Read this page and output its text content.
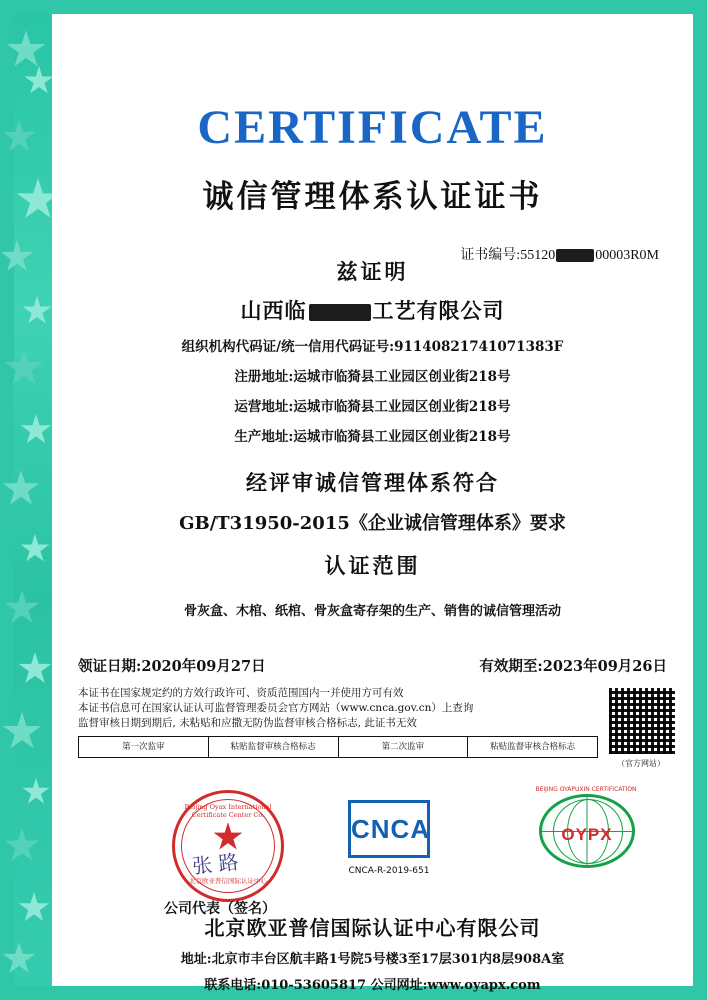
CERTIFICATE
诚信管理体系认证证书
证书编号:55120	00003R0M
兹证明
山西临	工艺有限公司
组织机构代码证/统一信用代码证号:91140821741071383F
注册地址:运城市临猗县工业园区创业街218号
运营地址:运城市临猗县工业园区创业街218号
生产地址:运城市临猗县工业园区创业街218号
经评审诚信管理体系符合
GB/T31950-2015《企业诚信管理体系》要求
认证范围
骨灰盒、木棺、纸棺、骨灰盒寄存架的生产、销售的诚信管理活动
领证日期:2020年09月27日	有效期至:2023年09月26日
本证书在国家规定约的方效行政许可、资质范围国内一并使用方可有效
本证书信息可在国家认证认可监督管理委员会官方网站（www.cnca.gov.cn）上查询
监督审核日期到期后, 未粘贴和应撒无防伪监督审核合格标志, 此证书无效
第一次监审	粘贴监督审核合格标志	第二次监审	粘贴监督审核合格标志
（官方网站）
Beijing Oyax International Certificate Center Co.
北京欧亚普信国际认证中心
张 路
公司代表（签名）
CNCA
CNCA-R-2019-651
BEIJING OYAPUXIN CERTIFICATION
OYPX
北京欧亚普信国际认证中心有限公司
地址:北京市丰台区航丰路1号院5号楼3至17层301内8层908A室
联系电话:010-53605817 公司网址:www.oyapx.com
